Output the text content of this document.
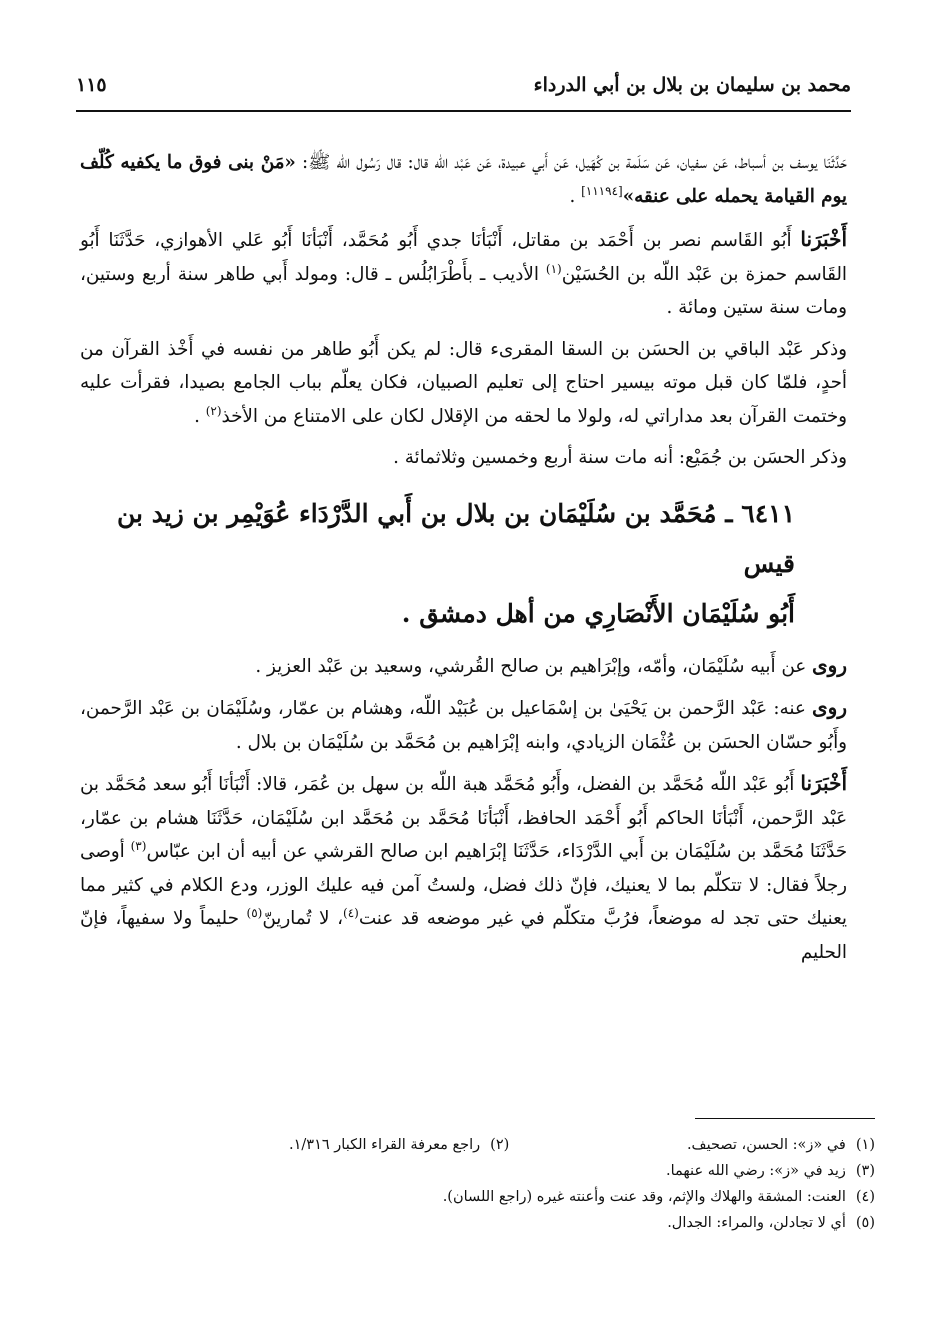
محمد بن سليمان بن بلال بن أبي الدرداء
١١٥

حَدَّثَنَا يوسف بن أسباط، عَن سفيان، عَن سَلَمة بن كُهَيل، عَن أَبي عبيدة، عَن عَبْد اللّه قال: قال رَسُول اللّه ﷺ: «مَنْ بنى فوق ما يكفيه كُلّف يوم القيامة يحمله على عنقه»[١١١٩٤] .

أَخْبَرَنا أَبُو القَاسم نصر بن أَحْمَد بن مقاتل، أَنْبَأنَا جدي أَبُو مُحَمَّد، أَنْبَأنَا أَبُو عَلي الأهوازي، حَدَّثَنَا أَبُو القَاسم حمزة بن عَبْد اللّه بن الحُسَيْن$^{(١)}$ الأديب ـ بأَطْرَابُلُس ـ قال: ومولد أَبي طاهر سنة أربع وستين، ومات سنة ستين ومائة .

وذكر عَبْد الباقي بن الحسَن بن السقا المقرىء قال: لم يكن أَبُو طاهر من نفسه في أَخْذ القرآن من أحدٍ، فلمّا كان قبل موته بيسير احتاج إلى تعليم الصبيان، فكان يعلّم بباب الجامع بصيدا، فقرأت عليه وختمت القرآن بعد مداراتي له، ولولا ما لحقه من الإقلال لكان على الامتناع من الأخذ$^{(٢)}$ .

وذكر الحسَن بن جُمَيْع: أنه مات سنة أربع وخمسين وثلاثمائة .

٦٤١١ ـ مُحَمَّد بن سُلَيْمَان بن بلال بن أَبي الدَّرْدَاء عُوَيْمِر بن زيد بن قيس
أَبُو سُلَيْمَان الأَنْصَارِي من أهل دمشق .

روى عن أَبيه سُلَيْمَان، وأمّه، وإبْرَاهيم بن صالح القُرشي، وسعيد بن عَبْد العزيز .

روى عنه: عَبْد الرَّحمن بن يَحْيَىٰ بن إسْمَاعيل بن عُبَيْد اللّه، وهشام بن عمّار، وسُلَيْمَان بن عَبْد الرَّحمن، وأَبُو حسّان الحسَن بن عُثْمَان الزيادي، وابنه إبْرَاهيم بن مُحَمَّد بن سُلَيْمَان بن بلال .

أَخْبَرَنا أَبُو عَبْد اللّه مُحَمَّد بن الفضل، وأَبُو مُحَمَّد هبة اللّه بن سهل بن عُمَر، قالا: أَنْبَأنَا أَبُو سعد مُحَمَّد بن عَبْد الرَّحمن، أَنْبَأنَا الحاكم أَبُو أَحْمَد الحافظ، أَنْبَأنَا مُحَمَّد بن مُحَمَّد ابن سُلَيْمَان، حَدَّثَنَا هشام بن عمّار، حَدَّثَنَا مُحَمَّد بن سُلَيْمَان بن أَبي الدَّرْدَاء، حَدَّثَنَا إبْرَاهيم ابن صالح القرشي عن أبيه أن ابن عبّاس$^{(٣)}$ أوصى رجلاً فقال: لا تتكلّم بما لا يعنيك، فإنّ ذلك فضل، ولستُ آمن فيه عليك الوزر، ودع الكلام في كثير مما يعنيك حتى تجد له موضعاً، فرُبَّ متكلّم في غير موضعه قد عنت$^{(٤)}$، لا تُمارينّ$^{(٥)}$ حليماً ولا سفيهاً، فإنّ الحليم

(١)في «ز»: الحسن، تصحيف.
(٢)راجع معرفة القراء الكبار ١/٣١٦.
(٣)زيد في «ز»: رضي الله عنهما.
(٤)العنت: المشقة والهلاك والإثم، وقد عنت وأعنته غيره (راجع اللسان).
(٥)أي لا تجادلن، والمراء: الجدال.
